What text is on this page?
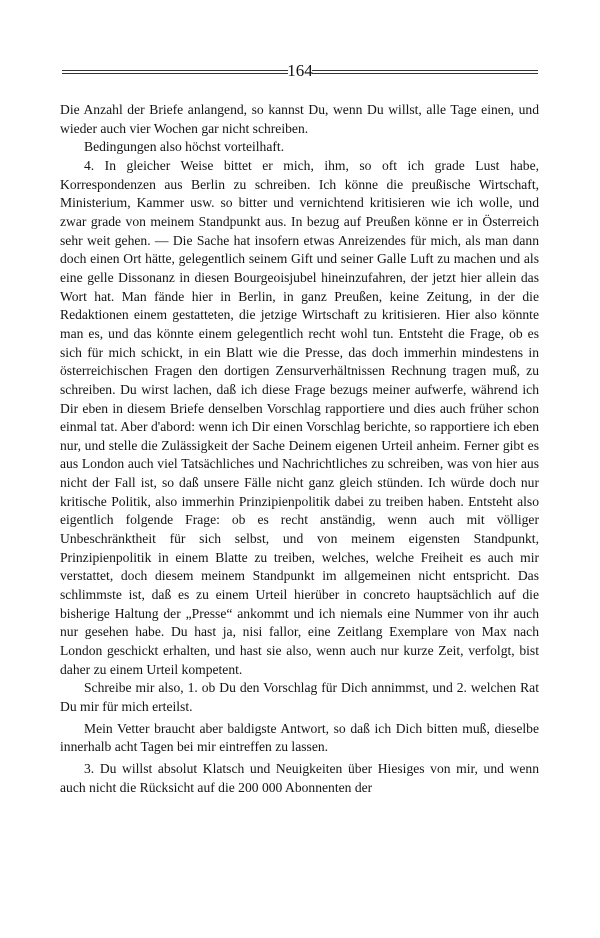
164

Die Anzahl der Briefe anlangend, so kannst Du, wenn Du willst, alle Tage einen, und wieder auch vier Wochen gar nicht schreiben.

Bedingungen also höchst vorteilhaft.

4. In gleicher Weise bittet er mich, ihm, so oft ich grade Lust habe, Korrespondenzen aus Berlin zu schreiben. Ich könne die preußische Wirtschaft, Ministerium, Kammer usw. so bitter und vernichtend kritisieren wie ich wolle, und zwar grade von meinem Standpunkt aus. In bezug auf Preußen könne er in Österreich sehr weit gehen. — Die Sache hat insofern etwas Anreizendes für mich, als man dann doch einen Ort hätte, gelegentlich seinem Gift und seiner Galle Luft zu machen und als eine gelle Dissonanz in diesen Bourgeoisjubel hineinzufahren, der jetzt hier allein das Wort hat. Man fände hier in Berlin, in ganz Preußen, keine Zeitung, in der die Redaktionen einem gestatteten, die jetzige Wirtschaft zu kritisieren. Hier also könnte man es, und das könnte einem gelegentlich recht wohl tun. Entsteht die Frage, ob es sich für mich schickt, in ein Blatt wie die Presse, das doch immerhin mindestens in österreichischen Fragen den dortigen Zensurverhältnissen Rechnung tragen muß, zu schreiben. Du wirst lachen, daß ich diese Frage bezugs meiner aufwerfe, während ich Dir eben in diesem Briefe denselben Vorschlag rapportiere und dies auch früher schon einmal tat. Aber d'abord: wenn ich Dir einen Vorschlag berichte, so rapportiere ich eben nur, und stelle die Zulässigkeit der Sache Deinem eigenen Urteil anheim. Ferner gibt es aus London auch viel Tatsächliches und Nachrichtliches zu schreiben, was von hier aus nicht der Fall ist, so daß unsere Fälle nicht ganz gleich stünden. Ich würde doch nur kritische Politik, also immerhin Prinzipienpolitik dabei zu treiben haben. Entsteht also eigentlich folgende Frage: ob es recht anständig, wenn auch mit völliger Unbeschränktheit für sich selbst, und von meinem eigensten Standpunkt, Prinzipienpolitik in einem Blatte zu treiben, welches, welche Freiheit es auch mir verstattet, doch diesem meinem Standpunkt im allgemeinen nicht entspricht. Das schlimmste ist, daß es zu einem Urteil hierüber in concreto hauptsächlich auf die bisherige Haltung der „Presse“ ankommt und ich niemals eine Nummer von ihr auch nur gesehen habe. Du hast ja, nisi fallor, eine Zeitlang Exemplare von Max nach London geschickt erhalten, und hast sie also, wenn auch nur kurze Zeit, verfolgt, bist daher zu einem Urteil kompetent.

Schreibe mir also, 1. ob Du den Vorschlag für Dich annimmst, und 2. welchen Rat Du mir für mich erteilst.

Mein Vetter braucht aber baldigste Antwort, so daß ich Dich bitten muß, dieselbe innerhalb acht Tagen bei mir eintreffen zu lassen.

3. Du willst absolut Klatsch und Neuigkeiten über Hiesiges von mir, und wenn auch nicht die Rücksicht auf die 200 000 Abonnenten der
